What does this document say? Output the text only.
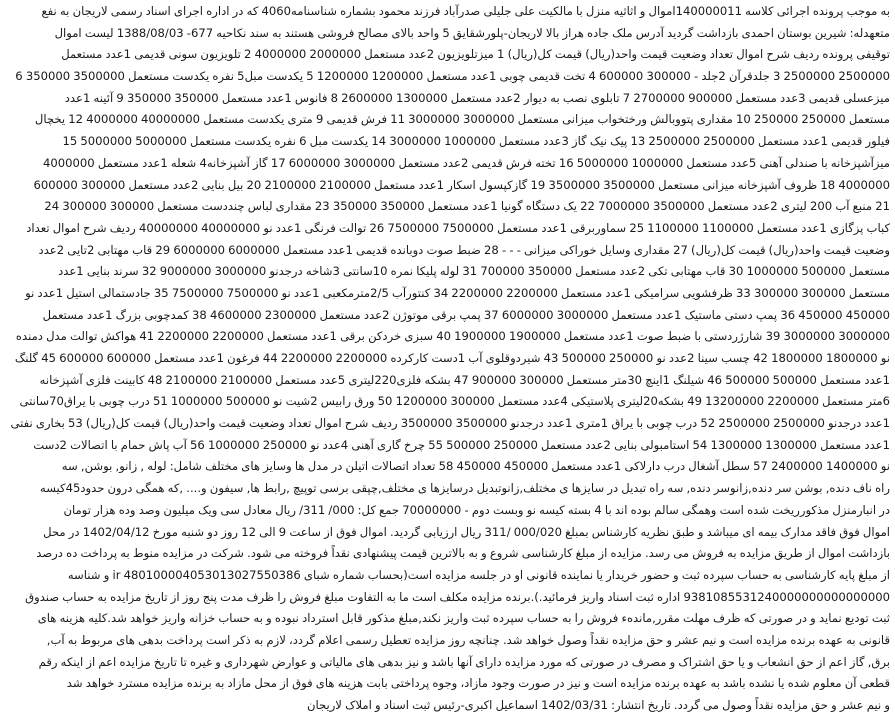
به موجب پرونده اجرائی کلاسه 140000011اموال و اثاثیه منزل با مالکیت علی جلیلی صدرآباد فرزند محمود بشماره شناسنامه4060 که در اداره اجرای اسناد رسمی لاریجان به نفع
متعهدله: شیرین بوستان احمدی بازداشت گردید آدرس ملک جاده هراز بالا لاریجان-پلورشقایق 5 واحد بالای مصالح فروشی هستند به سند نکاحیه 677- 1388/08/03 لیست اموال
توقیفی پرونده ردیف شرح اموال تعداد وضعیت قیمت واحد(ریال) قیمت کل(ریال) 1 میزتلویزیون 2عدد مستعمل 2000000 4000000 2 تلویزیون سونی قدیمی 1عدد مستعمل
2500000 2500000 3 جلدقرآن 2جلد - 300000 600000 4 تخت قدیمی چوبی 1عدد مستعمل 1200000 1200000 5 یکدست مبل5 نفره یکدست مستعمل 3500000 350000 6
میزعسلی قدیمی 3عدد مستعمل 900000 2700000 7 تابلوی نصب به دیوار 2عدد مستعمل 1300000 2600000 8 فانوس 1عدد مستعمل 350000 350000 9 آئینه 1عدد
مستعمل 250000 250000 10 مقداری پتووبالش ورختخواب میزانی مستعمل 3000000 3000000 11 فرش قدیمی 9 متری یکدست مستعمل 40000000 4000000 12 یخچال
فیلور قدیمی 1عدد مستعمل 2500000 2500000 13 پیک نیک گاز 3عدد مستعمل 1000000 3000000 14 یکدست مبل 6 نفره یکدست مستعمل 5000000 5000000 15
میزآشپزخانه با صندلی آهنی 5عدد مستعمل 1000000 5000000 16 تخته فرش قدیمی 2عدد مستعمل 3000000 6000000 17 گاز آشپزخانه4 شعله 1عدد مستعمل 4000000
4000000 18 ظروف آشپزخانه میزانی مستعمل 3500000 3500000 19 گازکپسول اسکار 1عدد مستعمل 2100000 2100000 20 بیل بنایی 2عدد مستعمل 300000 600000
21 منبع آب 200 لیتری 2عدد مستعمل 3500000 7000000 22 یک دستگاه گونیا 1عدد مستعمل 350000 350000 23 مقداری لباس چنددست مستعمل 300000 300000 24
کباب پزگازی 1عدد مستعمل 1100000 1100000 25 سماوربرقی 1عدد مستعمل 7500000 7500000 26 توالت فرنگی 1عدد نو 40000000 40000000 ردیف شرح اموال تعداد
وضعیت قیمت واحد(ریال) قیمت کل(ریال) 27 مقداری وسایل خوراکی میزانی - - - 28 ضبط صوت دوبانده قدیمی 1عدد مستعمل 6000000 6000000 29 قاب مهتابی 2تایی 2عدد
مستعمل 500000 1000000 30 قاب مهتابی تکی 2عدد مستعمل 350000 700000 31 لوله پلیکا نمره 10سانتی 3شاخه درجدنو 3000000 9000000 32 سرند بنایی 1عدد
مستعمل 300000 300000 33 ظرفشویی سرامیکی 1عدد مستعمل 2200000 2200000 34 کنتورآب 2/5مترمکعبی 1عدد نو 7500000 7500000 35 جادستمالی استیل 1عدد نو
450000 450000 36 پمپ دستی ماستیک 1عدد مستعمل 3000000 6000000 37 پمپ برقی موتوژن 2عدد مستعمل 2300000 4600000 38 کمدچوبی بزرگ 1عدد مستعمل
3000000 3000000 39 شارژردستی با ضبط صوت 1عدد مستعمل 1900000 1900000 40 سبزی خردکن برقی 1عدد مستعمل 2200000 2200000 41 هواکش توالت مدل دمنده
نو 1800000 1800000 42 چسب سینا 2عدد نو 250000 500000 43 شیردوقلوی آب 1دست کارکرده 2200000 2200000 44 فرغون 1عدد مستعمل 600000 600000 45 گلنگ
1عدد مستعمل 500000 500000 46 شیلنگ 1اینچ 30متر مستعمل 300000 900000 47 بشکه فلزی220لیتری 5عدد مستعمل 2100000 2100000 48 کابینت فلزی آشپزخانه
6متر مستعمل 2200000 13200000 49 بشکه20لیتری پلاستیکی 4عدد مستعمل 300000 1200000 50 ورق رابیس 2شیت نو 500000 1000000 51 درب چوبی با یراق70سانتی
1عدد درجدنو 2500000 2500000 52 درب چوبی با یراق 1متری 1عدد درجدنو 3500000 3500000 ردیف شرح اموال تعداد وضعیت قیمت واحد(ریال) قیمت کل(ریال) 53 بخاری نفتی
1عدد مستعمل 1300000 1300000 54 استامبولی بنایی 2عدد مستعمل 250000 500000 55 چرخ گاری آهنی 4عدد نو 250000 1000000 56 آب پاش حمام با اتصالات 2دست
نو 1400000 2400000 57 سطل آشغال درب دارلاکی 1عدد مستعمل 450000 450000 58 تعداد اتصالات اتیلن در مدل ها وسایز های مختلف شامل: لوله , زانو, بوشن, سه
راه ناف دنده, بوشن سر دنده,زانوسر دنده, سه راه تبدیل در سایزها ی مختلف,زانوتبدیل درسایزها ی مختلف,چپقی برسی توپیچ ,رابط ها, سیفون و.... ,که همگی درون حدود45کیسه
در انبارمنزل مذکورریخت شده است وهمگی سالم بوده اند با 4 بسته کیسه نو وبست دوم - 70000000 جمع کل: 000/ 311/ ریال معادل سی ویک میلیون وصد وده هزار تومان
اموال فوق فاقد مدارک بیمه ای میباشد و طبق نظریه کارشناس بمبلغ 000/020 /311 ریال ارزیابی گردید. اموال فوق از ساعت 9 الی 12 روز دو شنبه مورخ 1402/04/12 در محل
بازداشت اموال از طریق مزایده به فروش می رسد. مزایده از مبلغ کارشناسی شروع و به بالاترین قیمت پیشنهادی نقداً فروخته می شود. شرکت در مزایده منوط به پرداخت ده درصد
از مبلغ پایه کارشناسی به حساب سپرده ثبت و حضور خریدار یا نماینده قانونی او در جلسه مزایده است(بحساب شماره شبای 480100004053013027550386 ir و شناسه
9381085531240000000000000000 اداره ثبت اسناد واریز فرمائید.).برنده مزایده مکلف است ما به التفاوت مبلغ فروش را ظرف مدت پنج روز از تاریخ مزایده به حساب صندوق
ثبت تودیع نماید و در صورتی که ظرف مهلت مقرر,ماندهء فروش را به حساب سپرده ثبت واریز نکند,مبلغ مذکور قابل استرداد نبوده و به حساب خزانه واریز خواهد شد.کلیه هزینه های
قانونی به عهده برنده مزایده است و نیم عشر و حق مزایده نقداً وصول خواهد شد. چنانچه روز مزایده تعطیل رسمی اعلام گردد، لازم به ذکر است پرداخت بدهی های مربوط به آب,
برق, گاز اعم از حق انشعاب و یا حق اشتراک و مصرف در صورتی که مورد مزایده دارای آنها باشد و نیز بدهی های مالیاتی و عوارض شهرداری و غیره تا تاریخ مزایده اعم از اینکه رقم
قطعی آن معلوم شده یا نشده باشد به عهده برنده مزایده است و نیز در صورت وجود مازاد، وجوه پرداختی بابت هزینه های فوق از محل مازاد به برنده مزایده مسترد خواهد شد
و نیم عشر و حق مزایده نقداً وصول می گردد. تاریخ انتشار: 1402/03/31 اسماعیل اکبری-رئیس ثبت اسناد و املاک لاریجان
